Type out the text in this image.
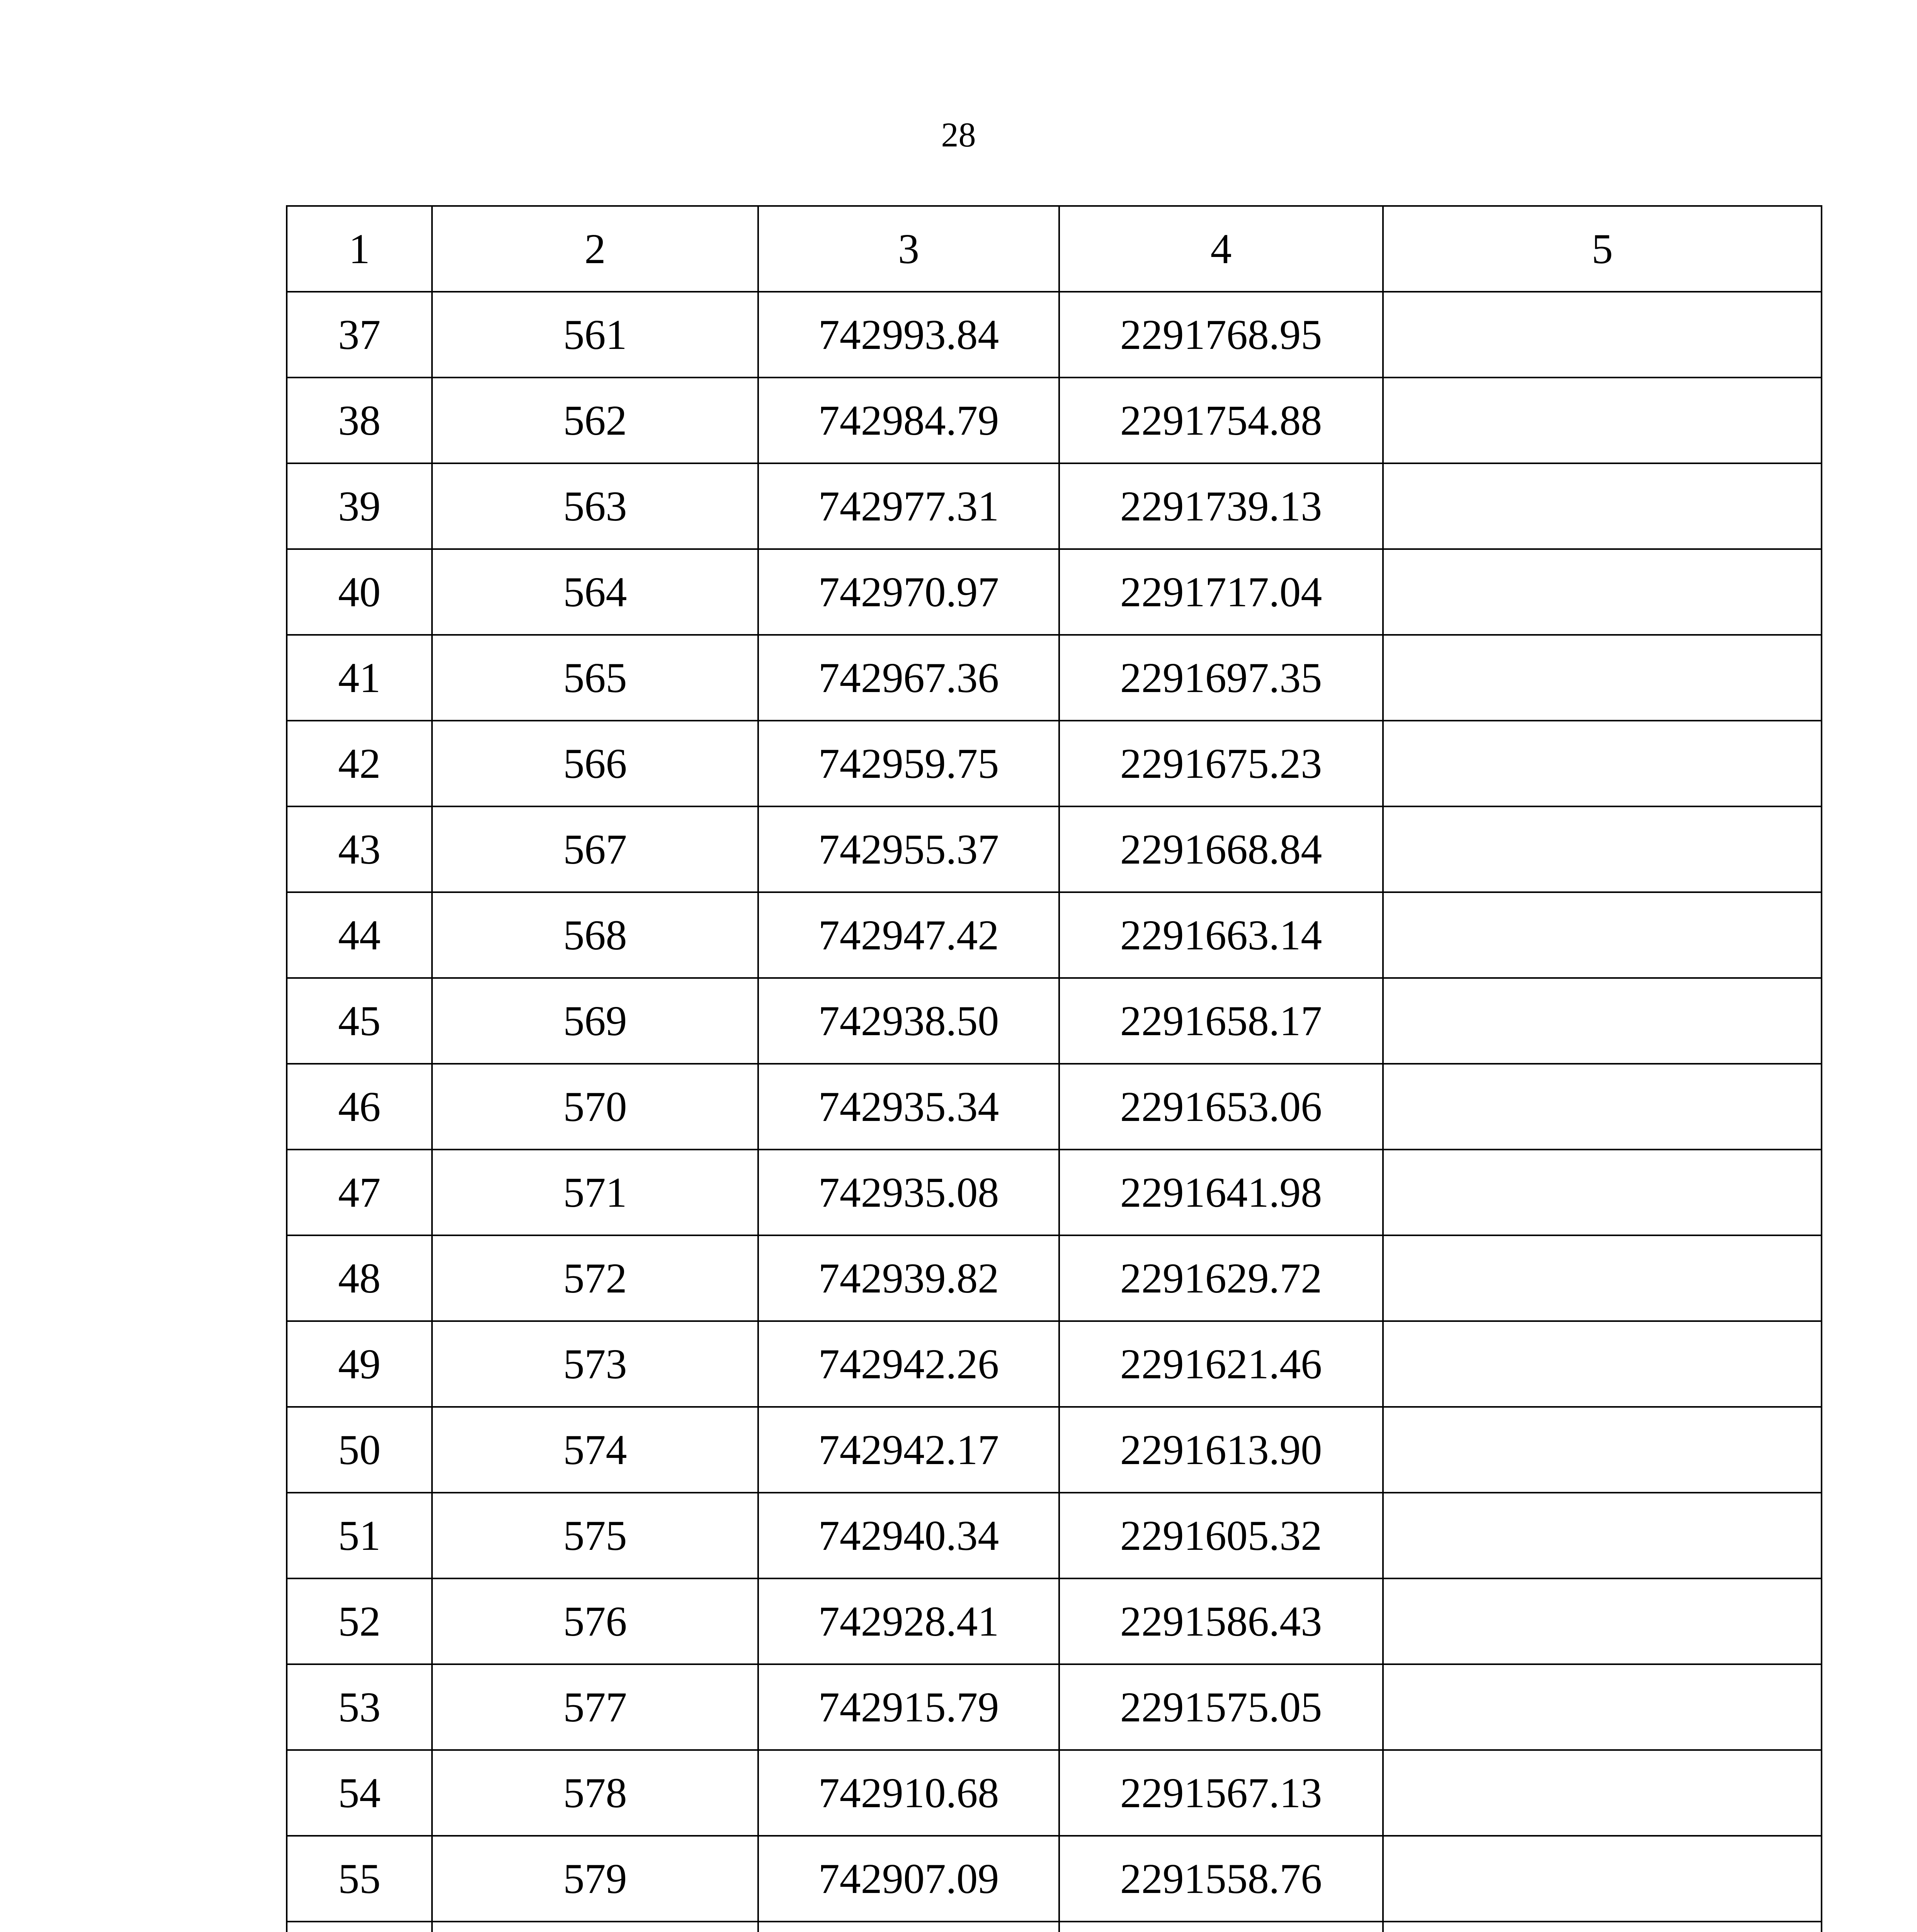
28
1	2	3	4	5
37	561	742993.84	2291768.95	
38	562	742984.79	2291754.88	
39	563	742977.31	2291739.13	
40	564	742970.97	2291717.04	
41	565	742967.36	2291697.35	
42	566	742959.75	2291675.23	
43	567	742955.37	2291668.84	
44	568	742947.42	2291663.14	
45	569	742938.50	2291658.17	
46	570	742935.34	2291653.06	
47	571	742935.08	2291641.98	
48	572	742939.82	2291629.72	
49	573	742942.26	2291621.46	
50	574	742942.17	2291613.90	
51	575	742940.34	2291605.32	
52	576	742928.41	2291586.43	
53	577	742915.79	2291575.05	
54	578	742910.68	2291567.13	
55	579	742907.09	2291558.76	
